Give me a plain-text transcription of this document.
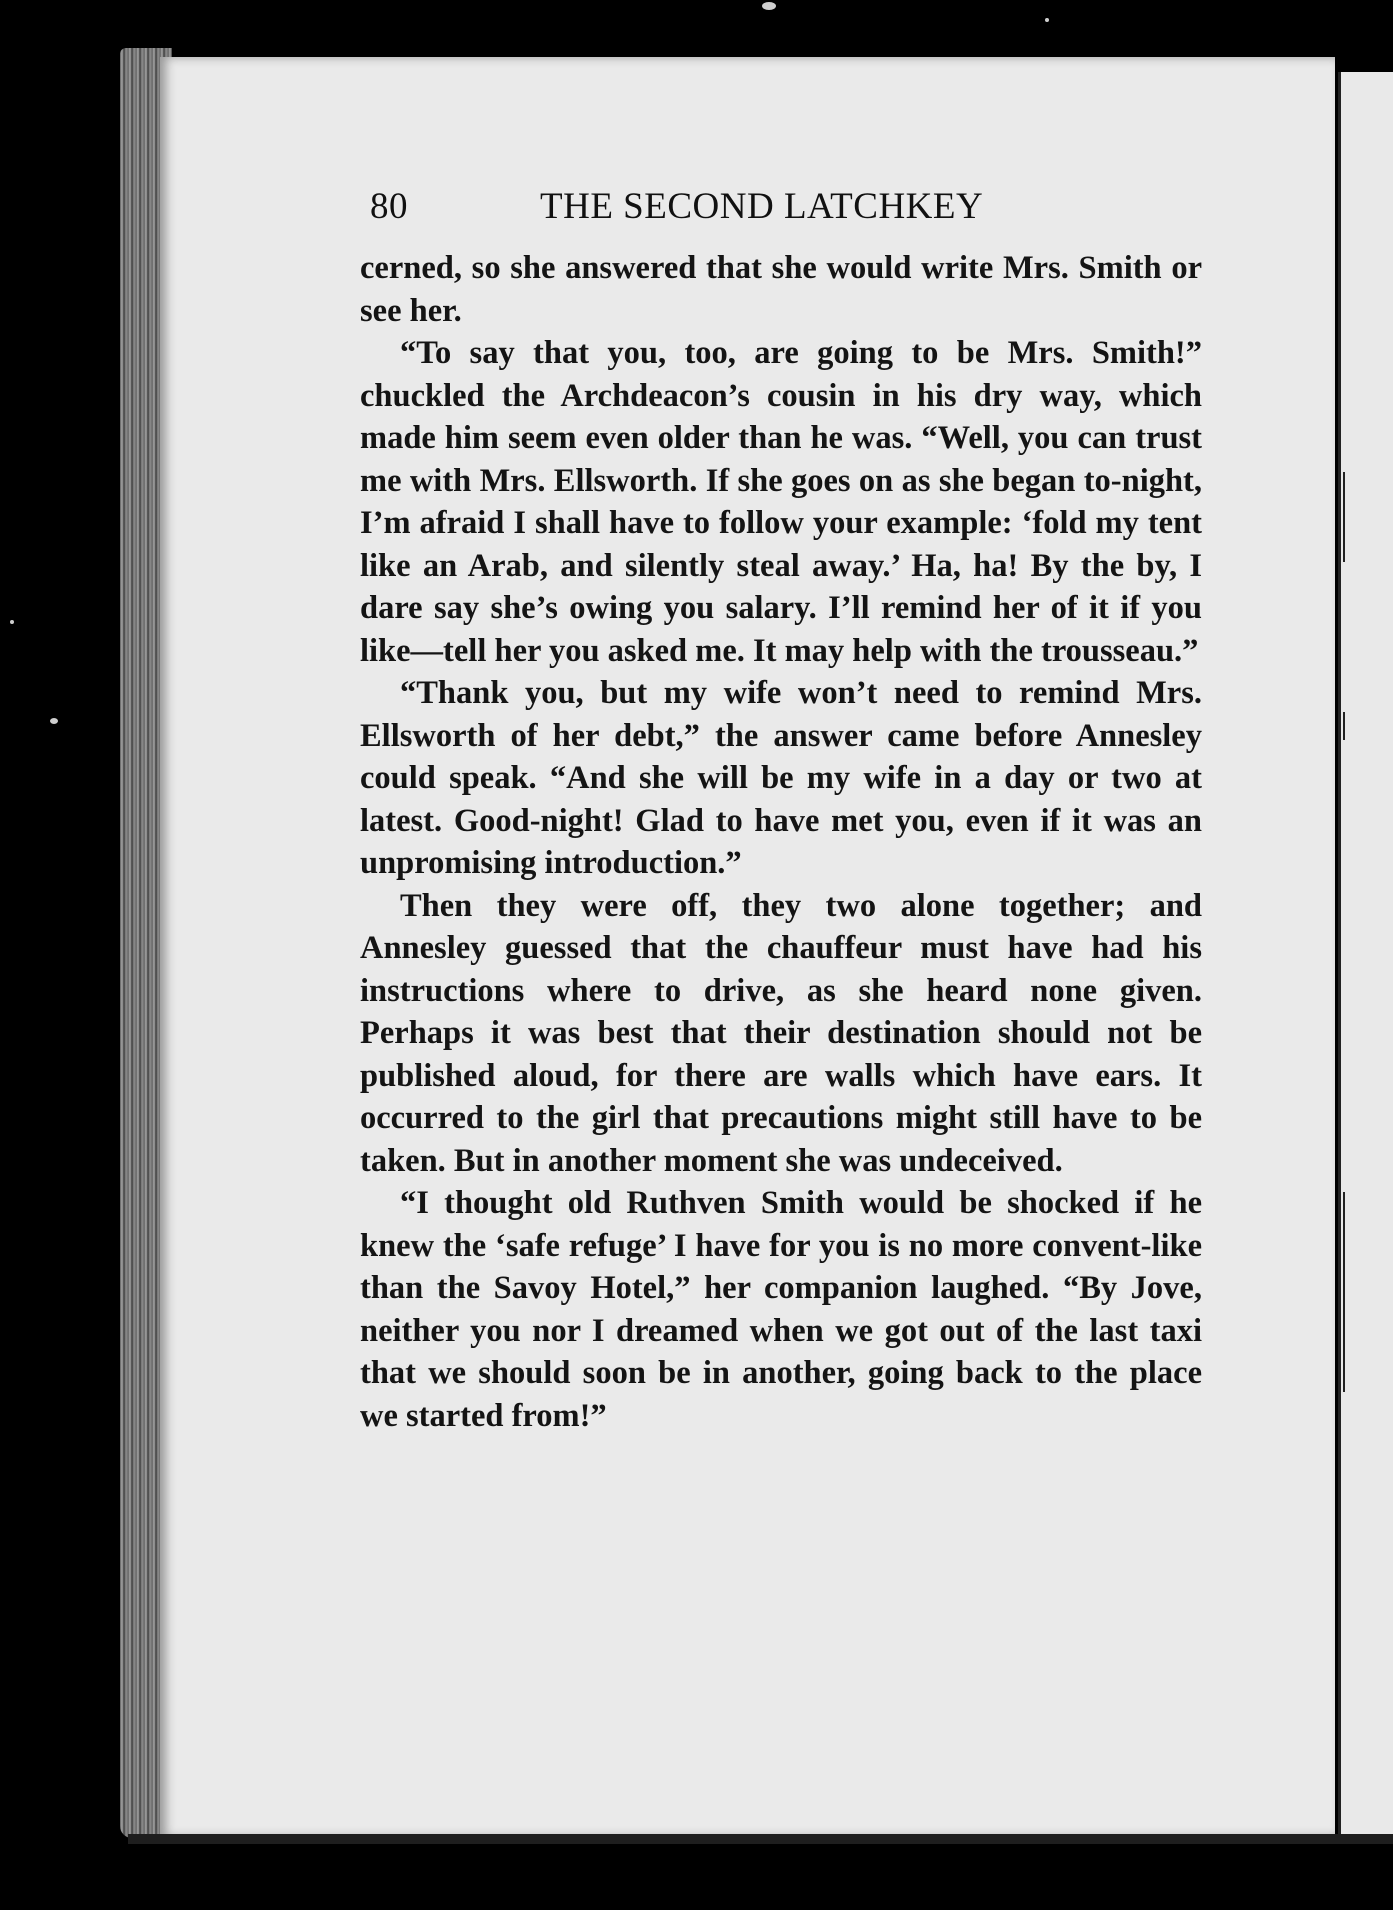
80	THE SECOND LATCHKEY

cerned, so she answered that she would write Mrs. Smith or see her.

“To say that you, too, are going to be Mrs. Smith!” chuckled the Archdeacon’s cousin in his dry way, which made him seem even older than he was. “Well, you can trust me with Mrs. Ellsworth. If she goes on as she began to-night, I’m afraid I shall have to follow your example: ‘fold my tent like an Arab, and silently steal away.’ Ha, ha! By the by, I dare say she’s owing you salary. I’ll remind her of it if you like—tell her you asked me. It may help with the trousseau.”

“Thank you, but my wife won’t need to remind Mrs. Ellsworth of her debt,” the answer came before Annesley could speak. “And she will be my wife in a day or two at latest. Good-night! Glad to have met you, even if it was an unpromising introduction.”

Then they were off, they two alone together; and Annesley guessed that the chauffeur must have had his instructions where to drive, as she heard none given. Perhaps it was best that their destination should not be published aloud, for there are walls which have ears. It occurred to the girl that precautions might still have to be taken. But in another moment she was undeceived.

“I thought old Ruthven Smith would be shocked if he knew the ‘safe refuge’ I have for you is no more convent-like than the Savoy Hotel,” her companion laughed. “By Jove, neither you nor I dreamed when we got out of the last taxi that we should soon be in another, going back to the place we started from!”
